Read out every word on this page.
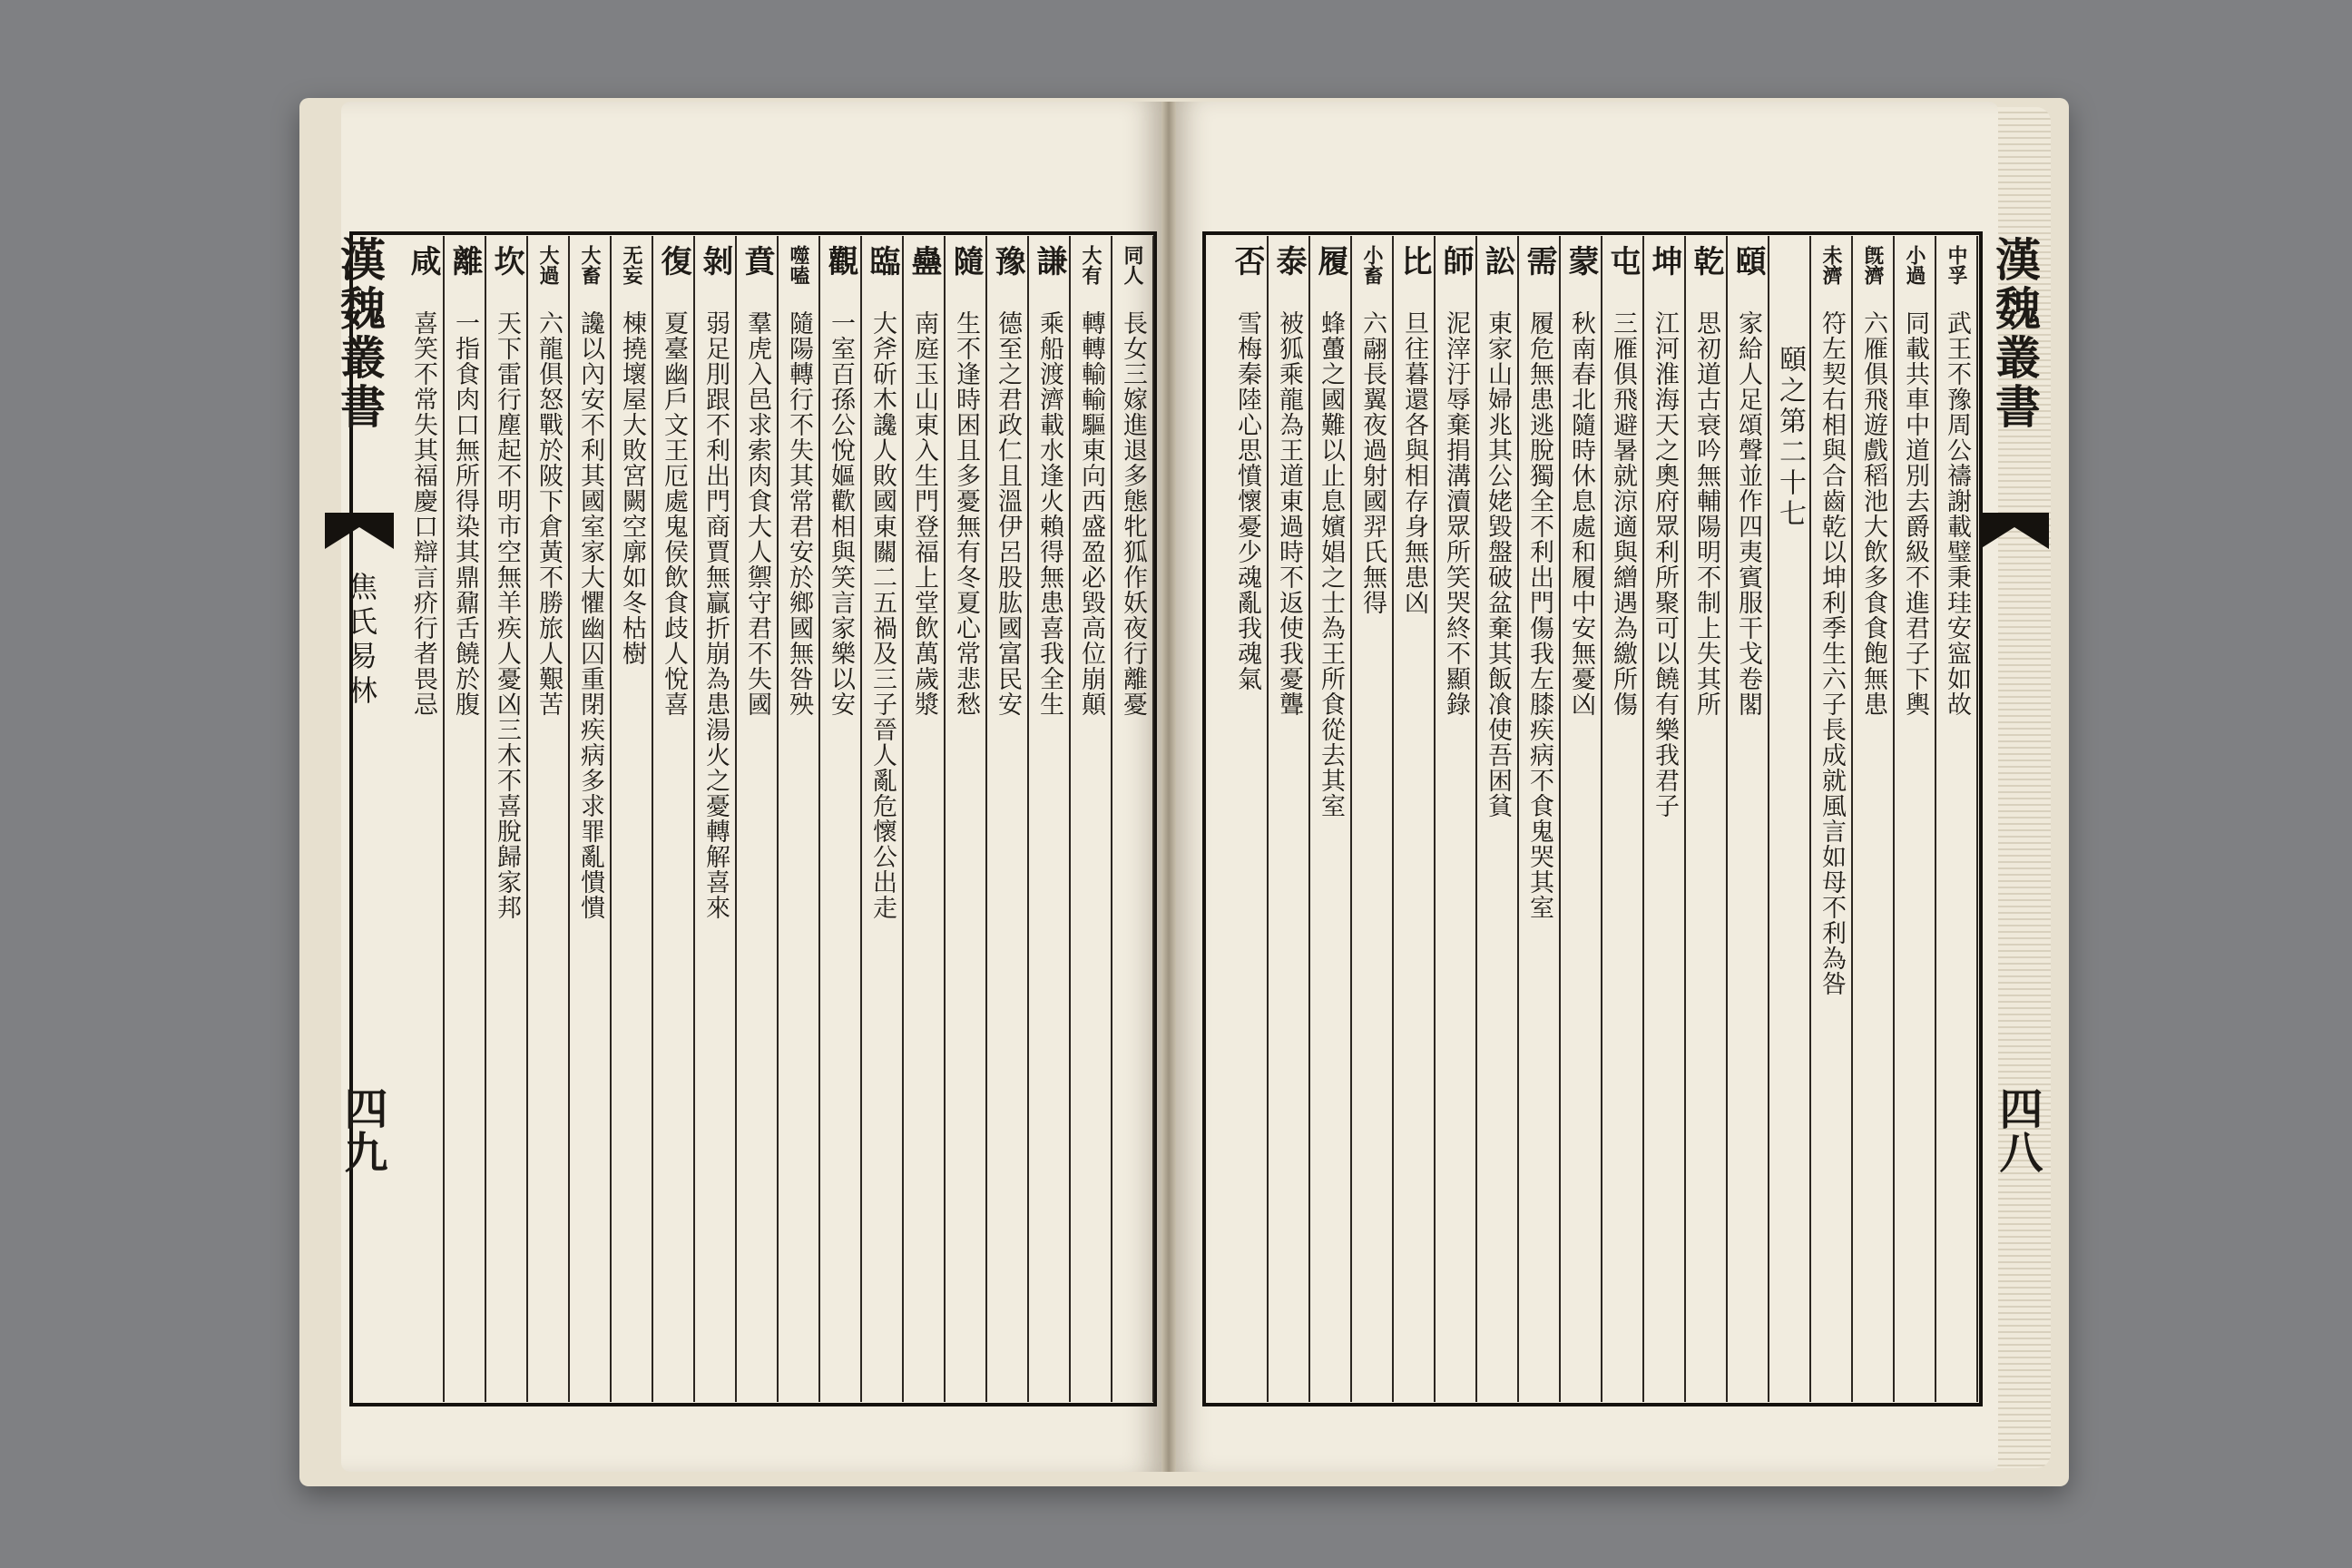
漢魏叢書
四八
漢魏叢書
焦氏易林
四九
中孚
武王不豫周公禱謝載璧秉珪安寍如故
小過
同載共車中道別去爵級不進君子下輿
旣濟
六雁俱飛遊戲稻池大飲多食食飽無患
未濟
符左契右相與合齒乾以坤利季生六子長成就風言如母不利為咎
頤之第二十七
頤
家給人足頌聲並作四夷賓服干戈卷閣
乾
思初道古衰吟無輔陽明不制上失其所
坤
江河淮海天之奧府眾利所聚可以饒有樂我君子
屯
三雁俱飛避暑就涼適與繒遇為繳所傷
蒙
秋南春北隨時休息處和履中安無憂凶
需
履危無患逃脫獨全不利出門傷我左膝疾病不食鬼哭其室
訟
東家山婦兆其公姥毀盤破盆棄其飯飡使吾困貧
師
泥滓汙辱棄捐溝瀆眾所笑哭終不顯錄
比
旦往暮還各與相存身無患凶
小畜
六翮長翼夜過射國羿氏無得
履
蜂蠆之國難以止息嬪娼之士為王所食從去其室
泰
被狐乘龍為王道東過時不返使我憂聾
否
雪梅秦陸心思憤懷憂少魂亂我魂氣
同人
長女三嫁進退多態牝狐作妖夜行離憂
大有
轉轉輸輸驅東向西盛盈必毀高位崩顛
謙
乘船渡濟載水逢火賴得無患喜我全生
豫
德至之君政仁且溫伊呂股肱國富民安
隨
生不逢時困且多憂無有冬夏心常悲愁
蠱
南庭玉山東入生門登福上堂飲萬歲漿
臨
大斧斫木讒人敗國東關二五禍及三子晉人亂危懷公出走
觀
一室百孫公悅嫗歡相與笑言家樂以安
噬嗑
隨陽轉行不失其常君安於鄉國無咎殃
賁
羣虎入邑求索肉食大人禦守君不失國
剝
弱足刖跟不利出門商賈無贏折崩為患湯火之憂轉解喜來
復
夏臺幽戶文王厄處鬼侯飲食歧人悅喜
无妄
棟撓壞屋大敗宮闕空廓如冬枯樹
大畜
讒以內安不利其國室家大懼幽囚重閉疾病多求罪亂憒憒
大過
六龍俱怒戰於陂下倉黃不勝旅人艱苦
坎
天下雷行塵起不明市空無羊疾人憂凶三木不喜脫歸家邦
離
一指食肉口無所得染其鼎鼐舌饒於腹
咸
喜笑不常失其福慶口辯言疥行者畏忌
